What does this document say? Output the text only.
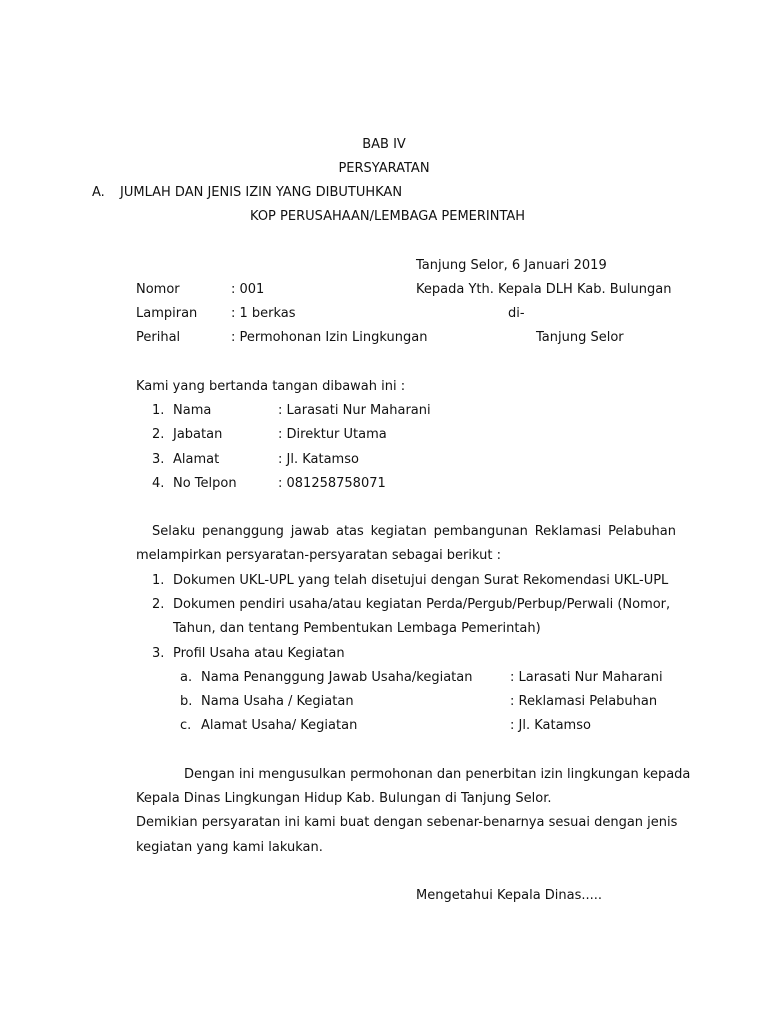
BAB IV
PERSYARATAN
A. JUMLAH DAN JENIS IZIN YANG DIBUTUHKAN
KOP PERUSAHAAN/LEMBAGA PEMERINTAH
Tanjung Selor, 6 Januari 2019
Kepada Yth. Kepala DLH Kab. Bulungan
di-
Tanjung Selor
Nomor	: 001
Lampiran	: 1 berkas
Perihal	: Permohonan Izin Lingkungan
Kami yang bertanda tangan dibawah ini :
1. Nama	: Larasati Nur Maharani
2. Jabatan	: Direktur Utama
3. Alamat	: Jl. Katamso
4. No Telpon	: 081258758071
Selaku penanggung jawab atas kegiatan pembangunan Reklamasi Pelabuhan
melampirkan persyaratan-persyaratan sebagai berikut :
1. Dokumen UKL-UPL yang telah disetujui dengan Surat Rekomendasi UKL-UPL
2. Dokumen pendiri usaha/atau kegiatan Perda/Pergub/Perbup/Perwali (Nomor,
Tahun, dan tentang Pembentukan Lembaga Pemerintah)
3. Profil Usaha atau Kegiatan
a. Nama Penanggung Jawab Usaha/kegiatan	: Larasati Nur Maharani
b. Nama Usaha / Kegiatan	: Reklamasi Pelabuhan
c. Alamat Usaha/ Kegiatan	: Jl. Katamso
Dengan ini mengusulkan permohonan dan penerbitan izin lingkungan kepada
Kepala Dinas Lingkungan Hidup Kab. Bulungan di Tanjung Selor.
Demikian persyaratan ini kami buat dengan sebenar-benarnya sesuai dengan jenis
kegiatan yang kami lakukan.
Mengetahui Kepala Dinas.....
